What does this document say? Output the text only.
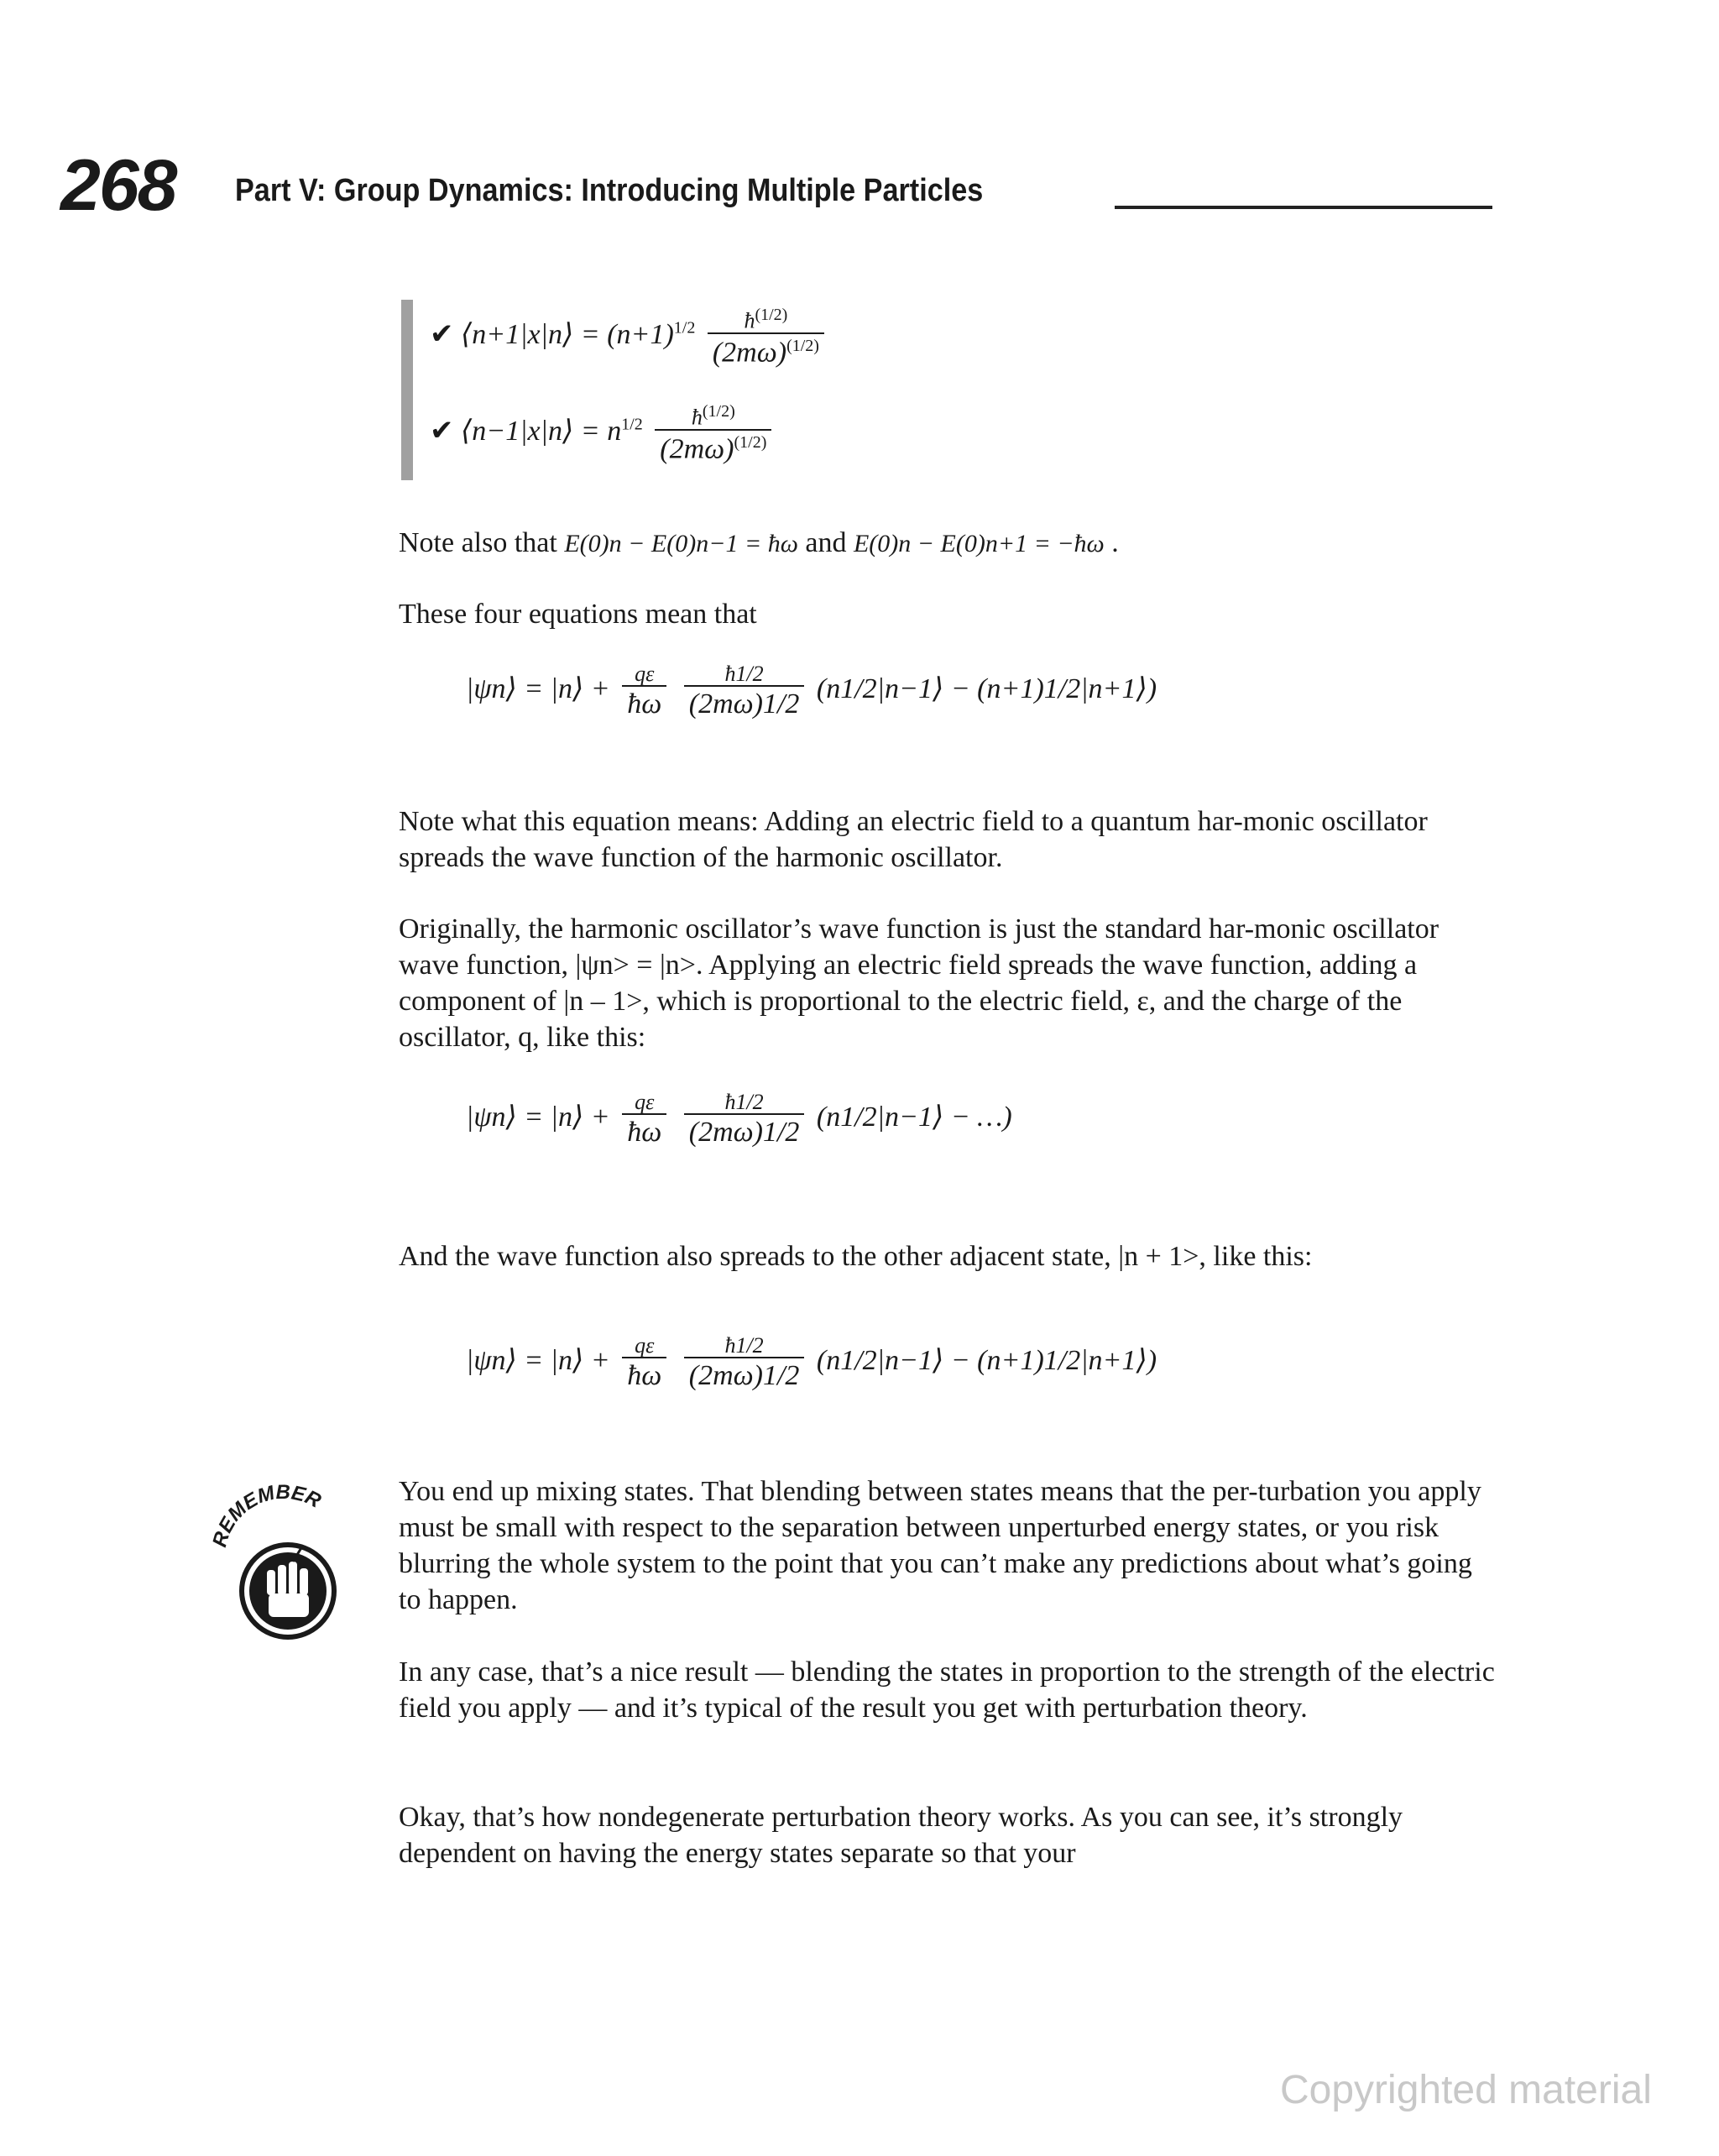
268 Part V: Group Dynamics: Introducing Multiple Particles
✔ ⟨n+1|x|n⟩ = $(n+1)^{1/2} \frac{ħ^{(1/2)}}{(2m\omega)^{(1/2)}}$
✔ ⟨n−1|x|n⟩ = $n^{1/2} \frac{ħ^{(1/2)}}{(2m\omega)^{(1/2)}}$
Note also that E(0)n − E(0)n−1 = ħω and E(0)n − E(0)n+1 = −ħω .
These four equations mean that
|ψn⟩ = |n⟩ + $\frac{q\varepsilon}{ħ\omega}$
$\frac{ħ1/2}{(2m\omega)1/2}$ (n1/2|n−1⟩ − (n+1)1/2|n+1⟩)
Note what this equation means: Adding an electric field to a quantum har-monic oscillator spreads the wave function of the harmonic oscillator.
Originally, the harmonic oscillator’s wave function is just the standard har-monic oscillator wave function, |ψn> = |n>. Applying an electric field spreads the wave function, adding a component of |n – 1>, which is proportional to the electric field, ε, and the charge of the oscillator, q, like this:
|ψn⟩ = |n⟩ + $\frac{q\varepsilon}{ħ\omega}$
$\frac{ħ1/2}{(2m\omega)1/2}$ (n1/2|n−1⟩ − …)
And the wave function also spreads to the other adjacent state, |n + 1>, like this:
|ψn⟩ = |n⟩ + $\frac{q\varepsilon}{ħ\omega}$
$\frac{ħ1/2}{(2m\omega)1/2}$ (n1/2|n−1⟩ − (n+1)1/2|n+1⟩)
REMEMBER	You end up mixing states. That blending between states means that the per-turbation you apply must be small with respect to the separation between unperturbed energy states, or you risk blurring the whole system to the point that you can’t make any predictions about what’s going to happen.
In any case, that’s a nice result — blending the states in proportion to the strength of the electric field you apply — and it’s typical of the result you get with perturbation theory.
Okay, that’s how nondegenerate perturbation theory works. As you can see, it’s strongly dependent on having the energy states separate so that your
Copyrighted material
